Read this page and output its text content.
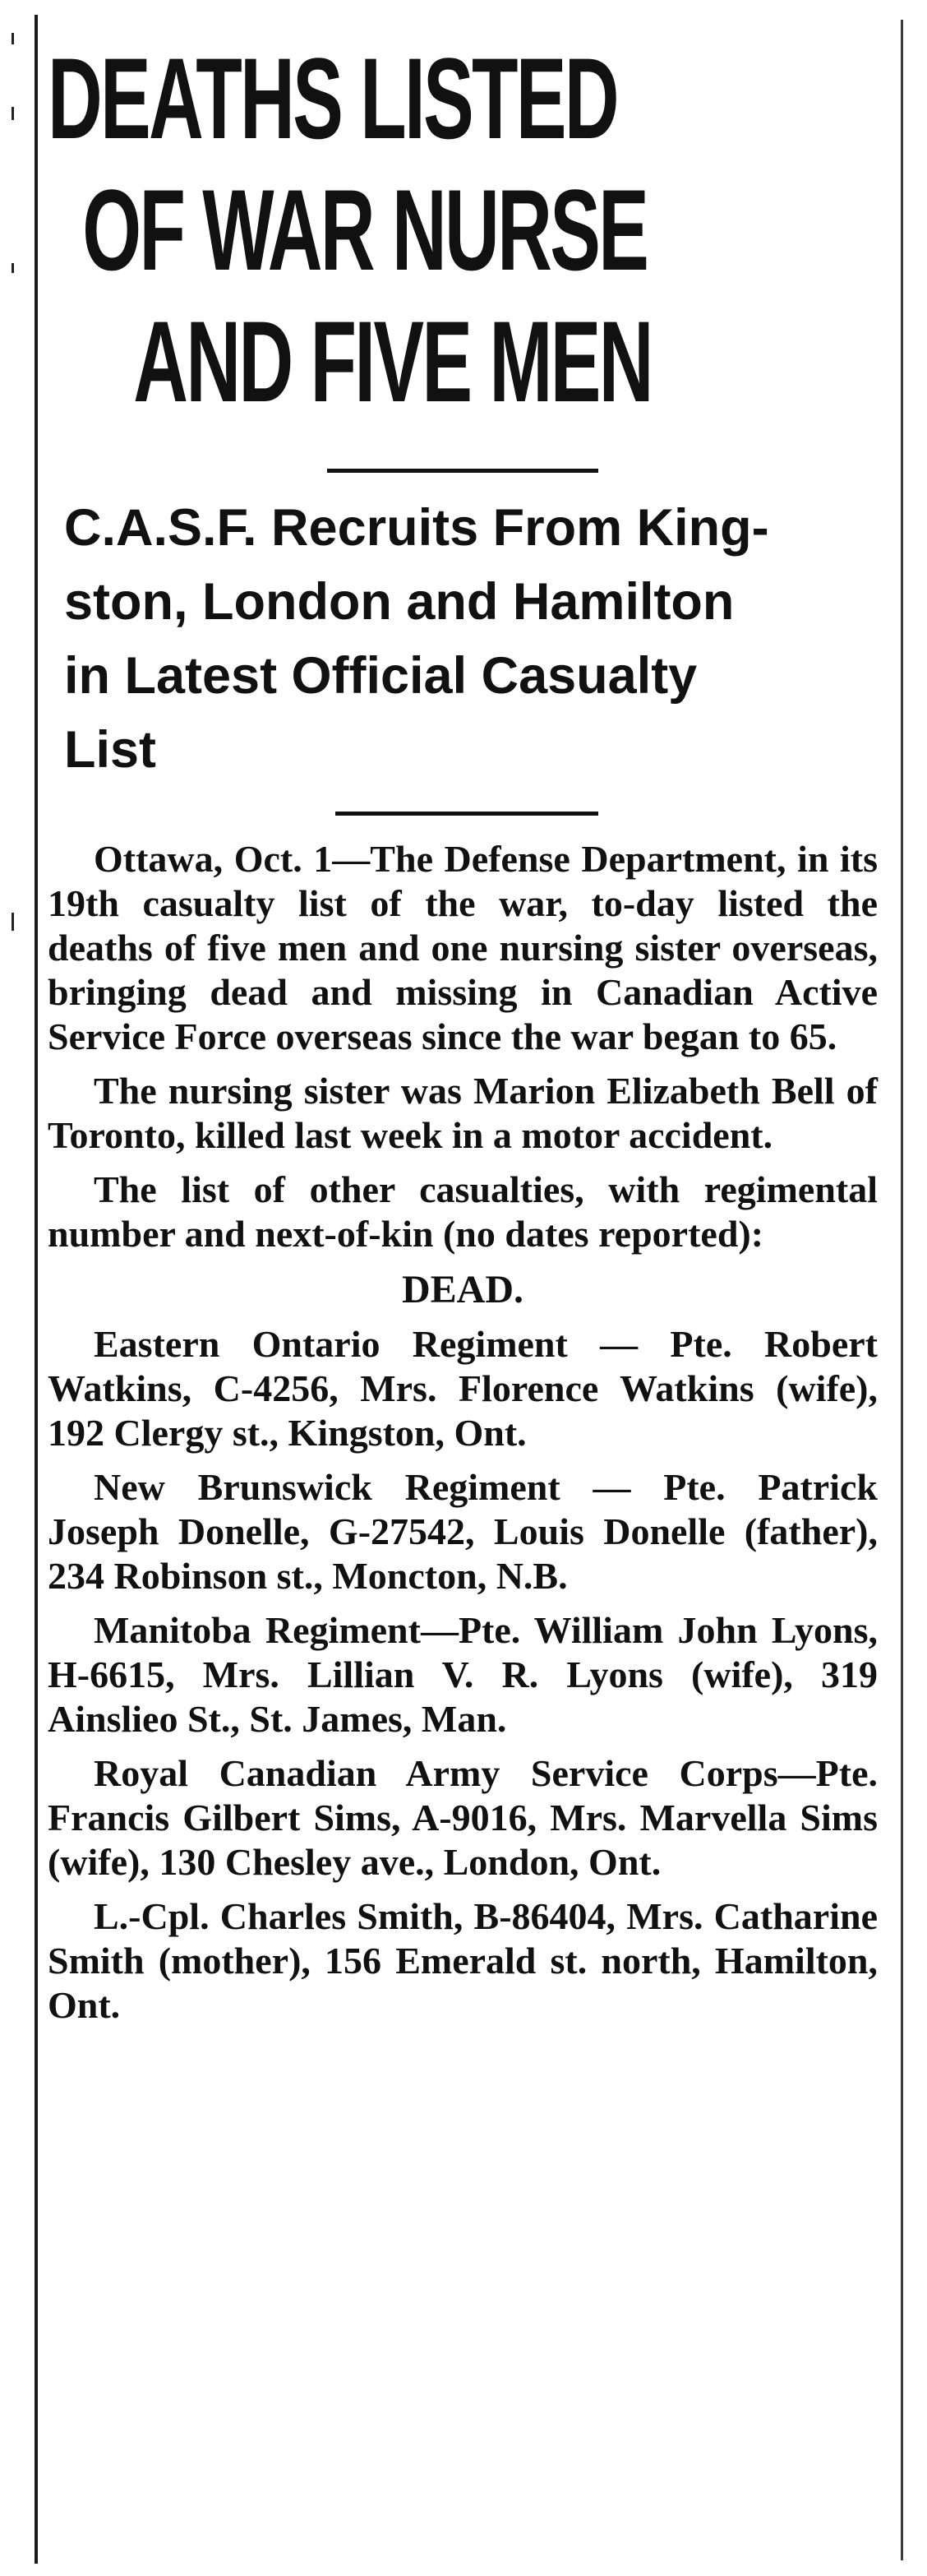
DEATHS LISTED
OF WAR NURSE
AND FIVE MEN
C.A.S.F. Recruits From King-
ston, London and Hamilton
in Latest Official Casualty
List

Ottawa, Oct. 1—The Defense Department, in its 19th casualty list of the war, to-day listed the deaths of five men and one nursing sister overseas, bringing dead and missing in Canadian Active Service Force overseas since the war began to 65.

The nursing sister was Marion Elizabeth Bell of Toronto, killed last week in a motor accident.

The list of other casualties, with regimental number and next-of-kin (no dates reported):

DEAD.

Eastern Ontario Regiment — Pte. Robert Watkins, C-4256, Mrs. Florence Watkins (wife), 192 Clergy st., Kingston, Ont.

New Brunswick Regiment — Pte. Patrick Joseph Donelle, G-27542, Louis Donelle (father), 234 Robinson st., Moncton, N.B.

Manitoba Regiment—Pte. William John Lyons, H-6615, Mrs. Lillian V. R. Lyons (wife), 319 Ainslieo St., St. James, Man.

Royal Canadian Army Service Corps—Pte. Francis Gilbert Sims, A-9016, Mrs. Marvella Sims (wife), 130 Chesley ave., London, Ont.

L.-Cpl. Charles Smith, B-86404, Mrs. Catharine Smith (mother), 156 Emerald st. north, Hamilton, Ont.
